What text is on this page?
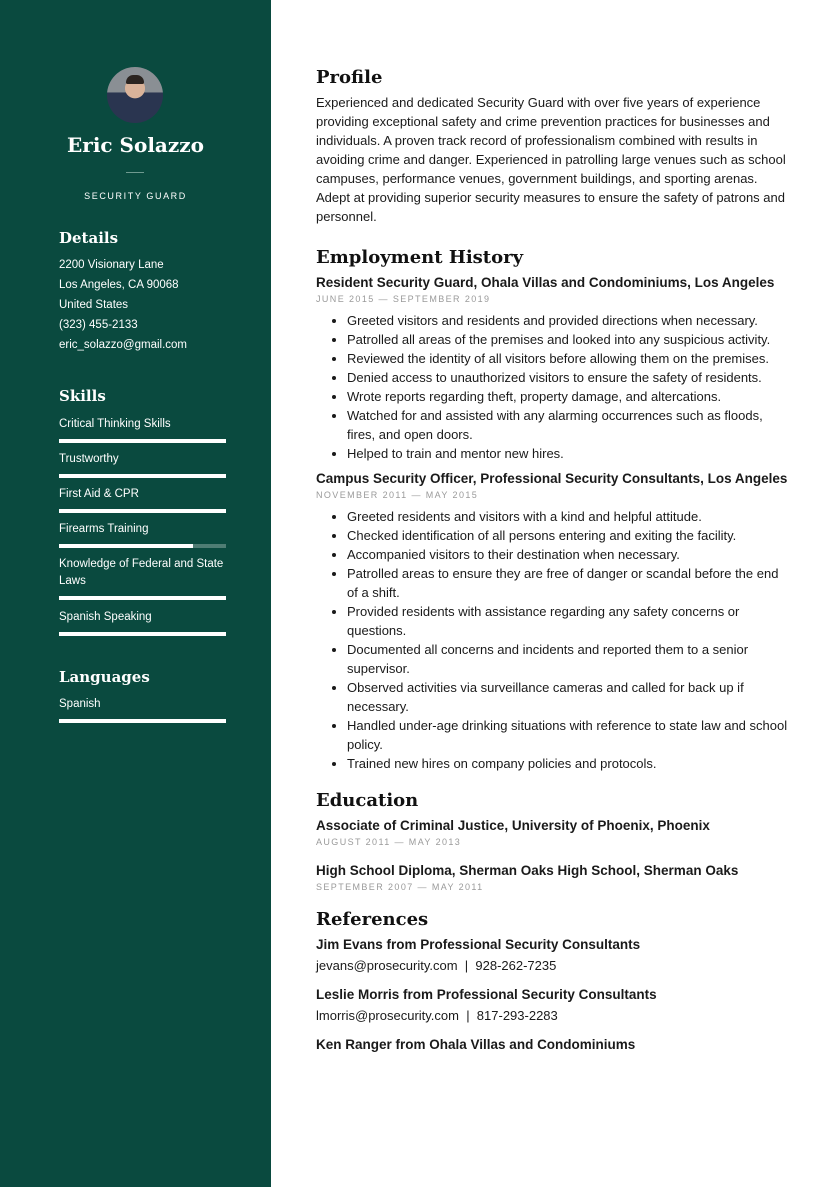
Eric Solazzo
SECURITY GUARD
Details
2200 Visionary Lane
Los Angeles, CA 90068
United States
(323) 455-2133
eric_solazzo@gmail.com
Skills
Critical Thinking Skills
Trustworthy
First Aid & CPR
Firearms Training
Knowledge of Federal and State Laws
Spanish Speaking
Languages
Spanish
Profile

Experienced and dedicated Security Guard with over five years of experience providing exceptional safety and crime prevention practices for businesses and individuals. A proven track record of professionalism combined with results in avoiding crime and danger. Experienced in patrolling large venues such as school campuses, performance venues, government buildings, and sporting arenas. Adept at providing superior security measures to ensure the safety of patrons and personnel.

Employment History
Resident Security Guard, Ohala Villas and Condominiums, Los Angeles
JUNE 2015 — SEPTEMBER 2019
• Greeted visitors and residents and provided directions when necessary.
• Patrolled all areas of the premises and looked into any suspicious activity.
• Reviewed the identity of all visitors before allowing them on the premises.
• Denied access to unauthorized visitors to ensure the safety of residents.
• Wrote reports regarding theft, property damage, and altercations.
• Watched for and assisted with any alarming occurrences such as floods, fires, and open doors.
• Helped to train and mentor new hires.
Campus Security Officer, Professional Security Consultants, Los Angeles
NOVEMBER 2011 — MAY 2015
• Greeted residents and visitors with a kind and helpful attitude.
• Checked identification of all persons entering and exiting the facility.
• Accompanied visitors to their destination when necessary.
• Patrolled areas to ensure they are free of danger or scandal before the end of a shift.
• Provided residents with assistance regarding any safety concerns or questions.
• Documented all concerns and incidents and reported them to a senior supervisor.
• Observed activities via surveillance cameras and called for back up if necessary.
• Handled under-age drinking situations with reference to state law and school policy.
• Trained new hires on company policies and protocols.
Education
Associate of Criminal Justice, University of Phoenix, Phoenix
AUGUST 2011 — MAY 2013
High School Diploma, Sherman Oaks High School, Sherman Oaks
SEPTEMBER 2007 — MAY 2011
References
Jim Evans from Professional Security Consultants
jevans@prosecurity.com  |  928-262-7235
Leslie Morris from Professional Security Consultants
lmorris@prosecurity.com  |  817-293-2283
Ken Ranger from Ohala Villas and Condominiums
